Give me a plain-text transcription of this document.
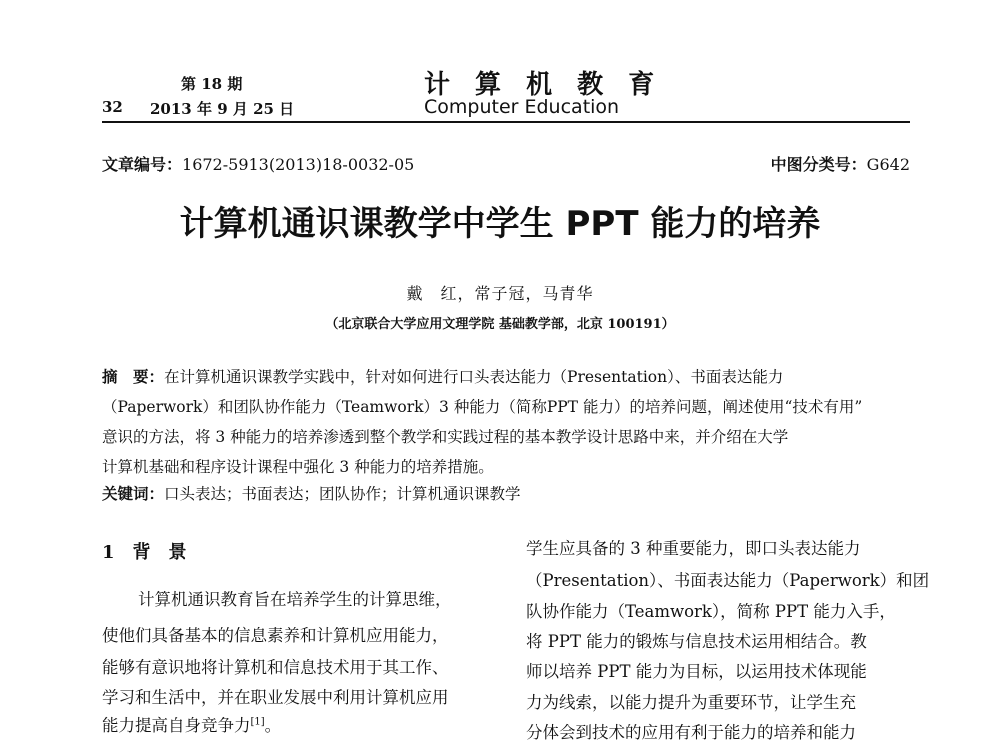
第 18 期
32 2013 年 9 月 25 日
计 算 机 教 育
Computer Education
文章编号：1672-5913(2013)18-0032-05	中图分类号：G642
计算机通识课教学中学生 PPT 能力的培养
戴　红，常子冠，马青华
（北京联合大学应用文理学院 基础教学部，北京 100191）
摘　要：在计算机通识课教学实践中，针对如何进行口头表达能力（Presentation）、书面表达能力
（Paperwork）和团队协作能力（Teamwork）3 种能力（简称PPT 能力）的培养问题，阐述使用“技术有用”
意识的方法，将 3 种能力的培养渗透到整个教学和实践过程的基本教学设计思路中来，并介绍在大学
计算机基础和程序设计课程中强化 3 种能力的培养措施。
关键词：口头表达；书面表达；团队协作；计算机通识课教学
1　背　景
计算机通识教育旨在培养学生的计算思维，
使他们具备基本的信息素养和计算机应用能力，
能够有意识地将计算机和信息技术用于其工作、
学习和生活中，并在职业发展中利用计算机应用
能力提高自身竞争力[1]。
学生应具备的 3 种重要能力，即口头表达能力
（Presentation）、书面表达能力（Paperwork）和团
队协作能力（Teamwork），简称 PPT 能力入手，
将 PPT 能力的锻炼与信息技术运用相结合。教
师以培养 PPT 能力为目标，以运用技术体现能
力为线索，以能力提升为重要环节，让学生充
分体会到技术的应用有利于能力的培养和能力
